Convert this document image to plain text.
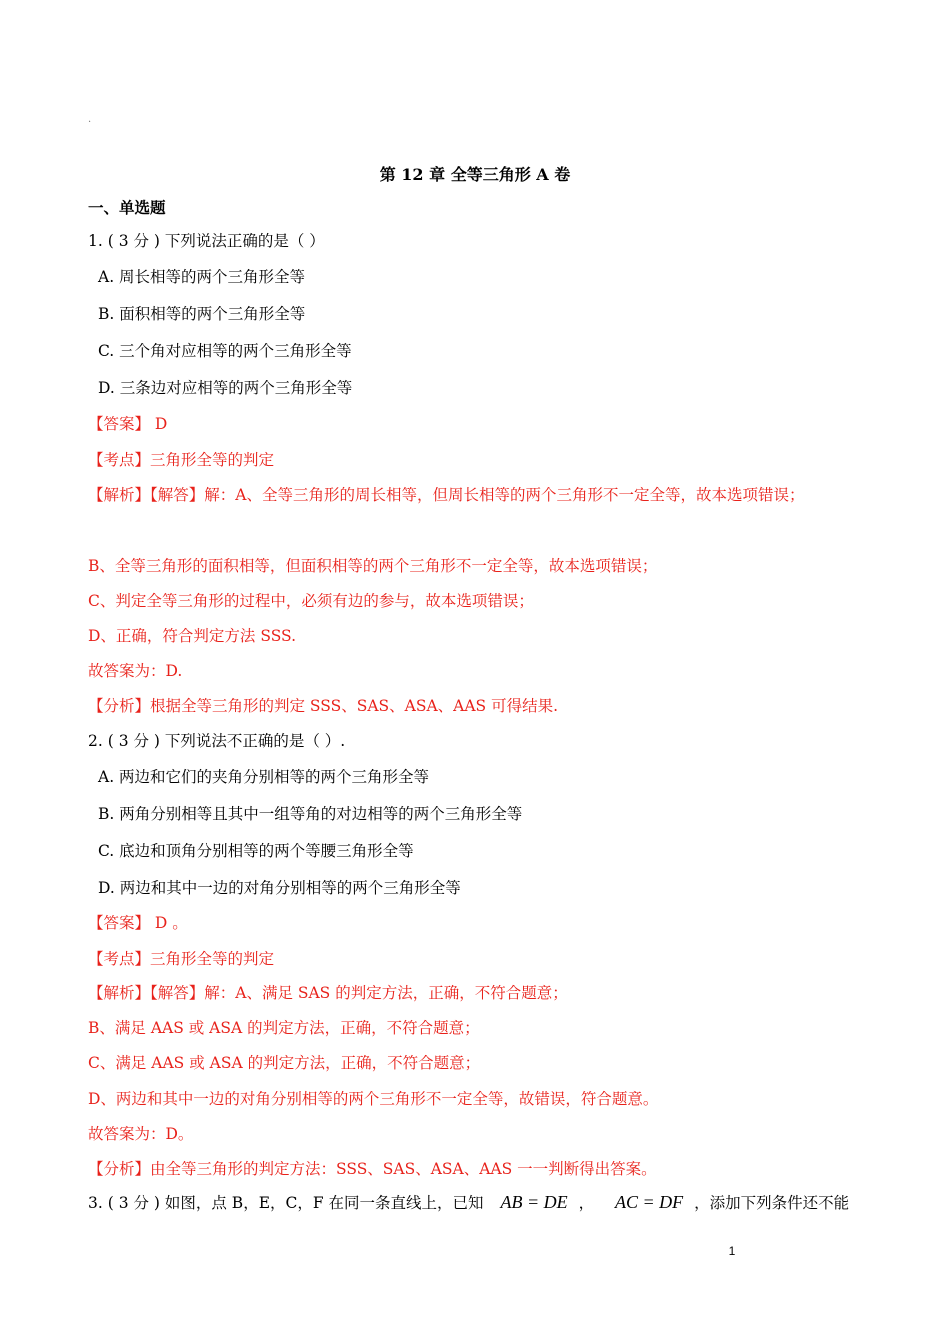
.
第 12 章 全等三角形 A 卷
一、单选题
1. ( 3 分 ) 下列说法正确的是（ ）
A. 周长相等的两个三角形全等
B. 面积相等的两个三角形全等
C. 三个角对应相等的两个三角形全等
D. 三条边对应相等的两个三角形全等
【答案】 D
【考点】三角形全等的判定
【解析】【解答】解：A、全等三角形的周长相等，但周长相等的两个三角形不一定全等，故本选项错误；
B、全等三角形的面积相等，但面积相等的两个三角形不一定全等，故本选项错误；
C、判定全等三角形的过程中，必须有边的参与，故本选项错误；
D、正确，符合判定方法 SSS.
故答案为：D.
【分析】根据全等三角形的判定 SSS、SAS、ASA、AAS 可得结果.
2. ( 3 分 ) 下列说法不正确的是（ ）.
A. 两边和它们的夹角分别相等的两个三角形全等
B. 两角分别相等且其中一组等角的对边相等的两个三角形全等
C. 底边和顶角分别相等的两个等腰三角形全等
D. 两边和其中一边的对角分别相等的两个三角形全等
【答案】 D 。
【考点】三角形全等的判定
【解析】【解答】解：A、满足 SAS 的判定方法，正确，不符合题意；
B、满足 AAS 或 ASA 的判定方法，正确，不符合题意；
C、满足 AAS 或 ASA 的判定方法，正确，不符合题意；
D、两边和其中一边的对角分别相等的两个三角形不一定全等，故错误，符合题意。
故答案为：D。
【分析】由全等三角形的判定方法：SSS、SAS、ASA、AAS 一一判断得出答案。
3. ( 3 分 ) 如图，点 B，E，C，F 在同一条直线上，已知 AB = DE ， AC = DF ，添加下列条件还不能
1
